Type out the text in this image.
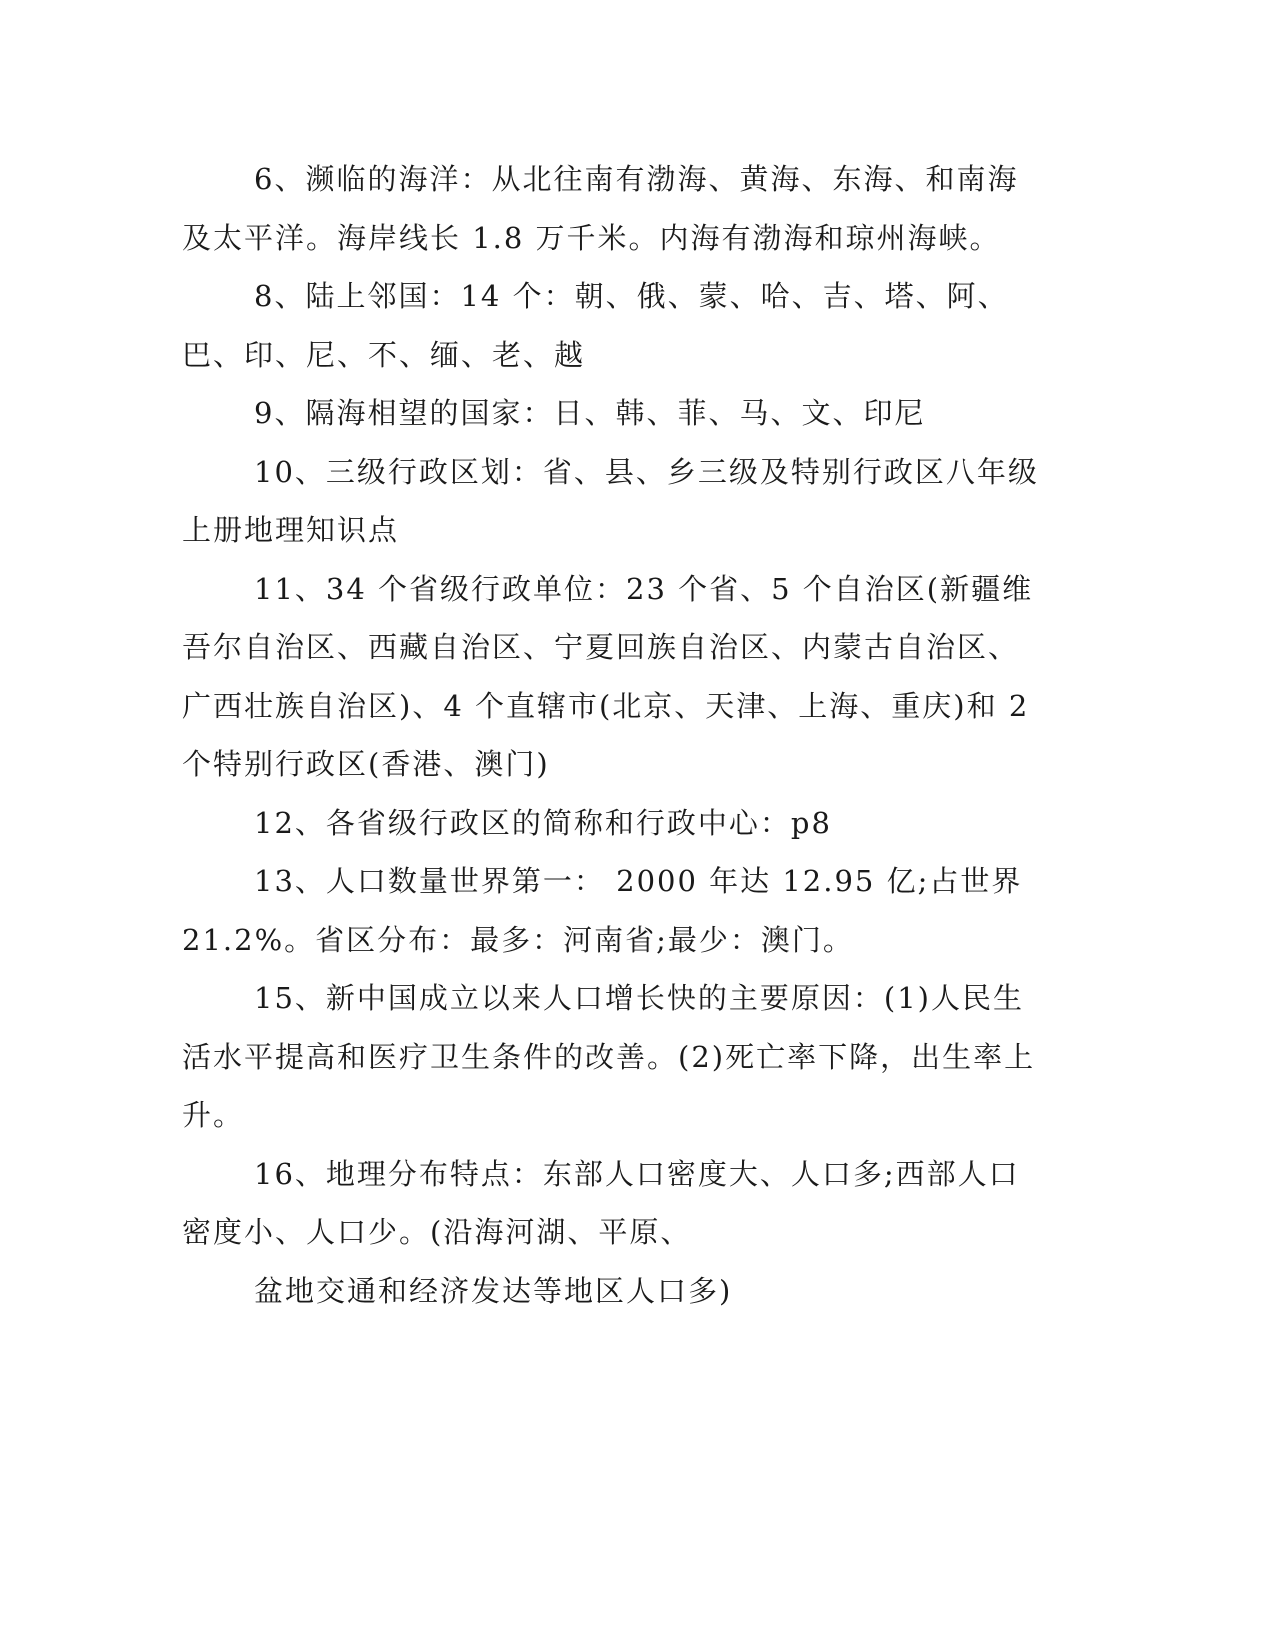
6、濒临的海洋：从北往南有渤海、黄海、东海、和南海及太平洋。海岸线长 1.8 万千米。内海有渤海和琼州海峡。

8、陆上邻国：14 个：朝、俄、蒙、哈、吉、塔、阿、巴、印、尼、不、缅、老、越

9、隔海相望的国家：日、韩、菲、马、文、印尼

10、三级行政区划：省、县、乡三级及特别行政区八年级上册地理知识点

11、34 个省级行政单位：23 个省、5 个自治区(新疆维吾尔自治区、西藏自治区、宁夏回族自治区、内蒙古自治区、广西壮族自治区)、4 个直辖市(北京、天津、上海、重庆)和 2 个特别行政区(香港、澳门)

12、各省级行政区的简称和行政中心：p8

13、人口数量世界第一： 2000 年达 12.95 亿;占世界 21.2%。省区分布：最多：河南省;最少：澳门。

15、新中国成立以来人口增长快的主要原因：(1)人民生活水平提高和医疗卫生条件的改善。(2)死亡率下降，出生率上升。

16、地理分布特点：东部人口密度大、人口多;西部人口密度小、人口少。(沿海河湖、平原、

盆地交通和经济发达等地区人口多)
